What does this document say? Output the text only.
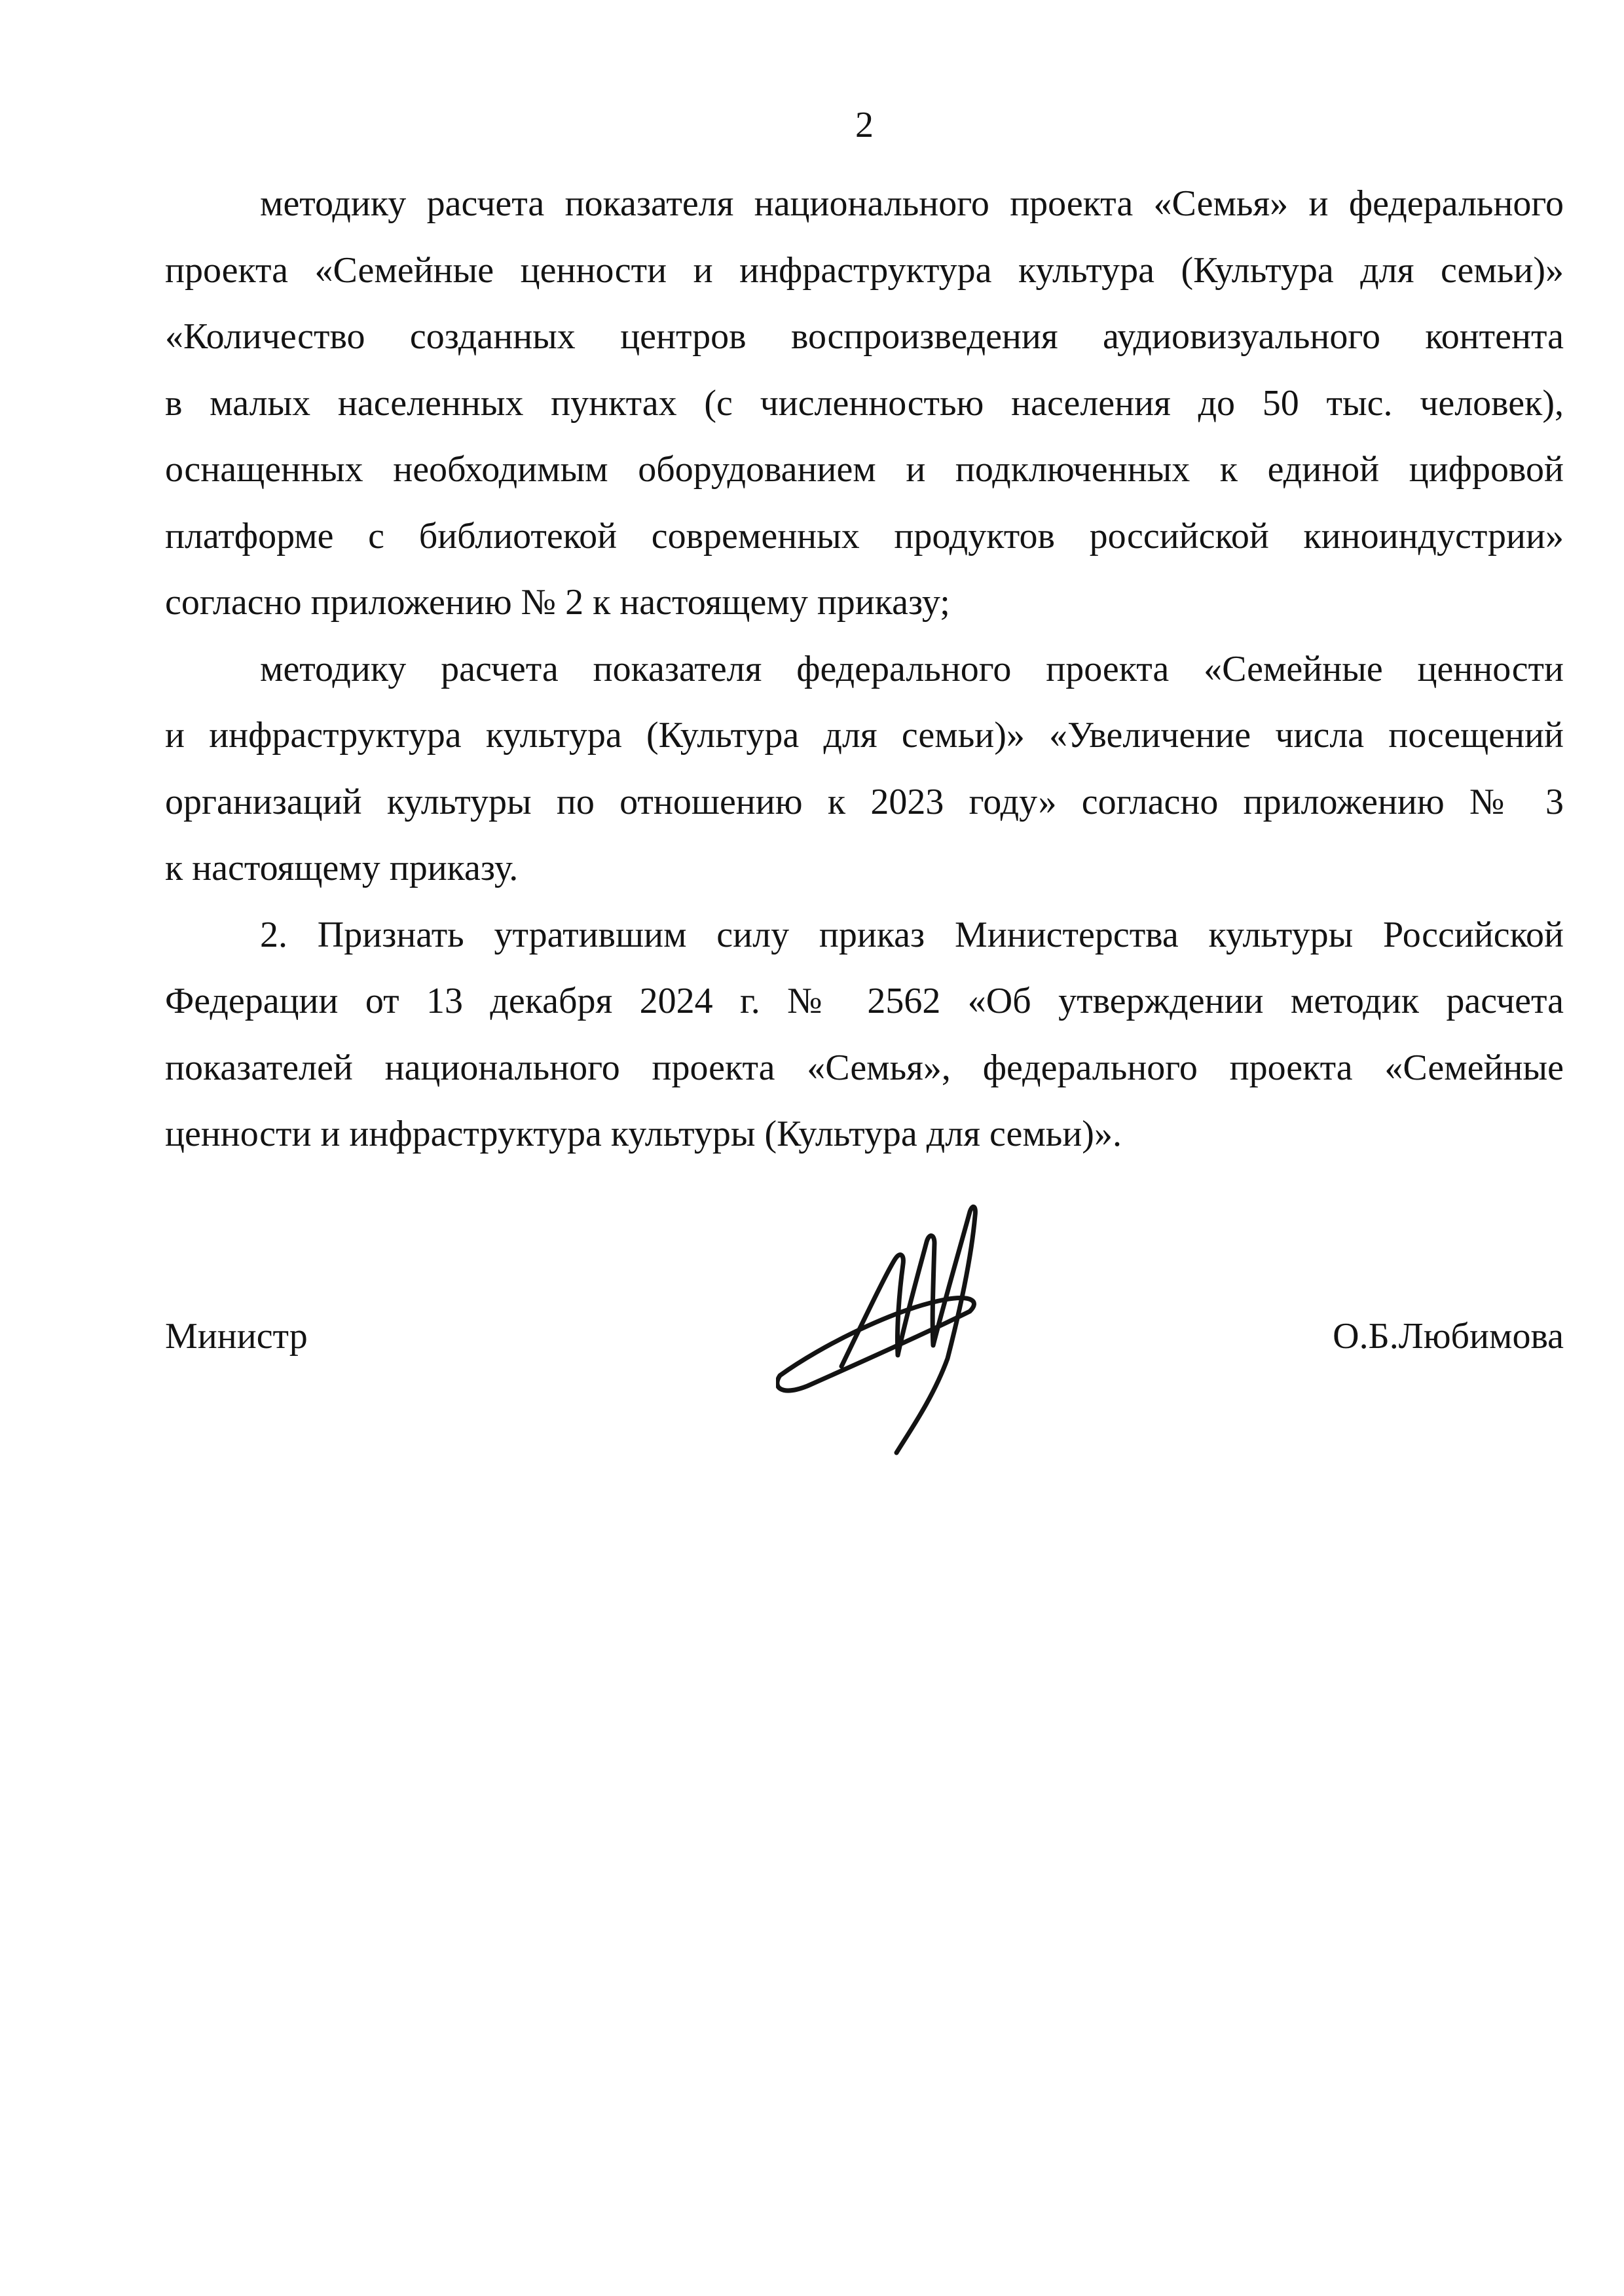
2
методику расчета показателя национального проекта «Семья» и федерального
проекта «Семейные ценности и инфраструктура культура (Культура для семьи)»
«Количество созданных центров воспроизведения аудиовизуального контента
в малых населенных пунктах (с численностью населения до 50 тыс. человек),
оснащенных необходимым оборудованием и подключенных к единой цифровой
платформе с библиотекой современных продуктов российской киноиндустрии»
согласно приложению № 2 к настоящему приказу;
методику расчета показателя федерального проекта «Семейные ценности
и инфраструктура культура (Культура для семьи)» «Увеличение числа посещений
организаций культуры по отношению к 2023 году» согласно приложению № 3
к настоящему приказу.
2. Признать утратившим силу приказ Министерства культуры Российской
Федерации от 13 декабря 2024 г. № 2562 «Об утверждении методик расчета
показателей национального проекта «Семья», федерального проекта «Семейные
ценности и инфраструктура культуры (Культура для семьи)».
Министр	О.Б.Любимова
